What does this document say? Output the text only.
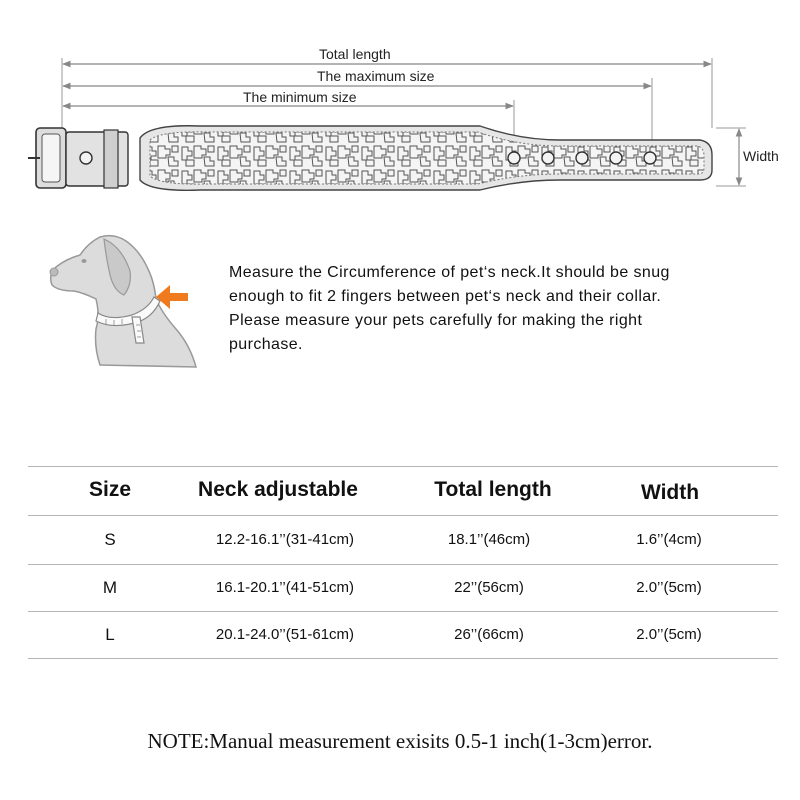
Total length
The maximum size
The minimum size
Width
Measure the Circumference of pet‘s neck.It should be snug
enough to fit 2 fingers between pet‘s neck and their collar.
Please measure your pets carefully for making the right
purchase.
Size	Neck adjustable	Total length	Width
S	12.2-16.1’’(31-41cm)	18.1’’(46cm)	1.6’’(4cm)
M	16.1-20.1’’(41-51cm)	22’’(56cm)	2.0’’(5cm)
L	20.1-24.0’’(51-61cm)	26’’(66cm)	2.0’’(5cm)
NOTE:Manual measurement exisits 0.5-1 inch(1-3cm)error.
